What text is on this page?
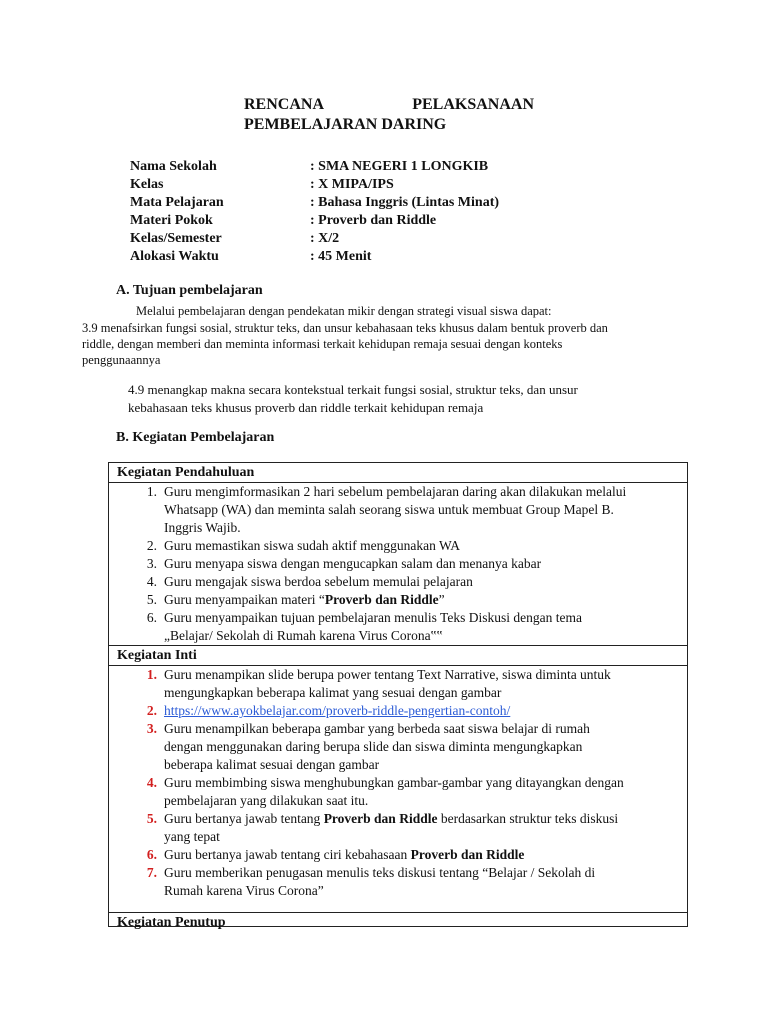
RENCANA	PELAKSANAAN
PEMBELAJARAN DARING
Nama Sekolah	: SMA NEGERI 1 LONGKIB
Kelas	: X MIPA/IPS
Mata Pelajaran	: Bahasa Inggris (Lintas Minat)
Materi Pokok	: Proverb dan Riddle
Kelas/Semester	: X/2
Alokasi Waktu	: 45 Menit
A. Tujuan pembelajaran
Melalui pembelajaran dengan pendekatan mikir dengan strategi visual siswa dapat:
3.9 menafsirkan fungsi sosial, struktur teks, dan unsur kebahasaan teks khusus dalam bentuk proverb dan
riddle, dengan memberi dan meminta informasi terkait kehidupan remaja sesuai dengan konteks
penggunaannya
4.9 menangkap makna secara kontekstual terkait fungsi sosial, struktur teks, dan unsur
kebahasaan teks khusus proverb dan riddle terkait kehidupan remaja
B. Kegiatan Pembelajaran
Kegiatan Pendahuluan
1. Guru mengimformasikan 2 hari sebelum pembelajaran daring akan dilakukan melalui
Whatsapp (WA) dan meminta salah seorang siswa untuk membuat Group Mapel B.
Inggris Wajib.
2. Guru memastikan siswa sudah aktif menggunakan WA
3. Guru menyapa siswa dengan mengucapkan salam dan menanya kabar
4. Guru mengajak siswa berdoa sebelum memulai pelajaran
5. Guru menyampaikan materi “Proverb dan Riddle”
6. Guru menyampaikan tujuan pembelajaran menulis Teks Diskusi dengan tema
„Belajar/ Sekolah di Rumah karena Virus Corona‟‟
Kegiatan Inti
1. Guru menampikan slide berupa power tentang Text Narrative, siswa diminta untuk
mengungkapkan beberapa kalimat yang sesuai dengan gambar
2. https://www.ayokbelajar.com/proverb-riddle-pengertian-contoh/
3. Guru menampilkan beberapa gambar yang berbeda saat siswa belajar di rumah
dengan menggunakan daring berupa slide dan siswa diminta mengungkapkan
beberapa kalimat sesuai dengan gambar
4. Guru membimbing siswa menghubungkan gambar-gambar yang ditayangkan dengan
pembelajaran yang dilakukan saat itu.
5. Guru bertanya jawab tentang Proverb dan Riddle berdasarkan struktur teks diskusi
yang tepat
6. Guru bertanya jawab tentang ciri kebahasaan Proverb dan Riddle
7. Guru memberikan penugasan menulis teks diskusi tentang “Belajar / Sekolah di
Rumah karena Virus Corona”
Kegiatan Penutup
